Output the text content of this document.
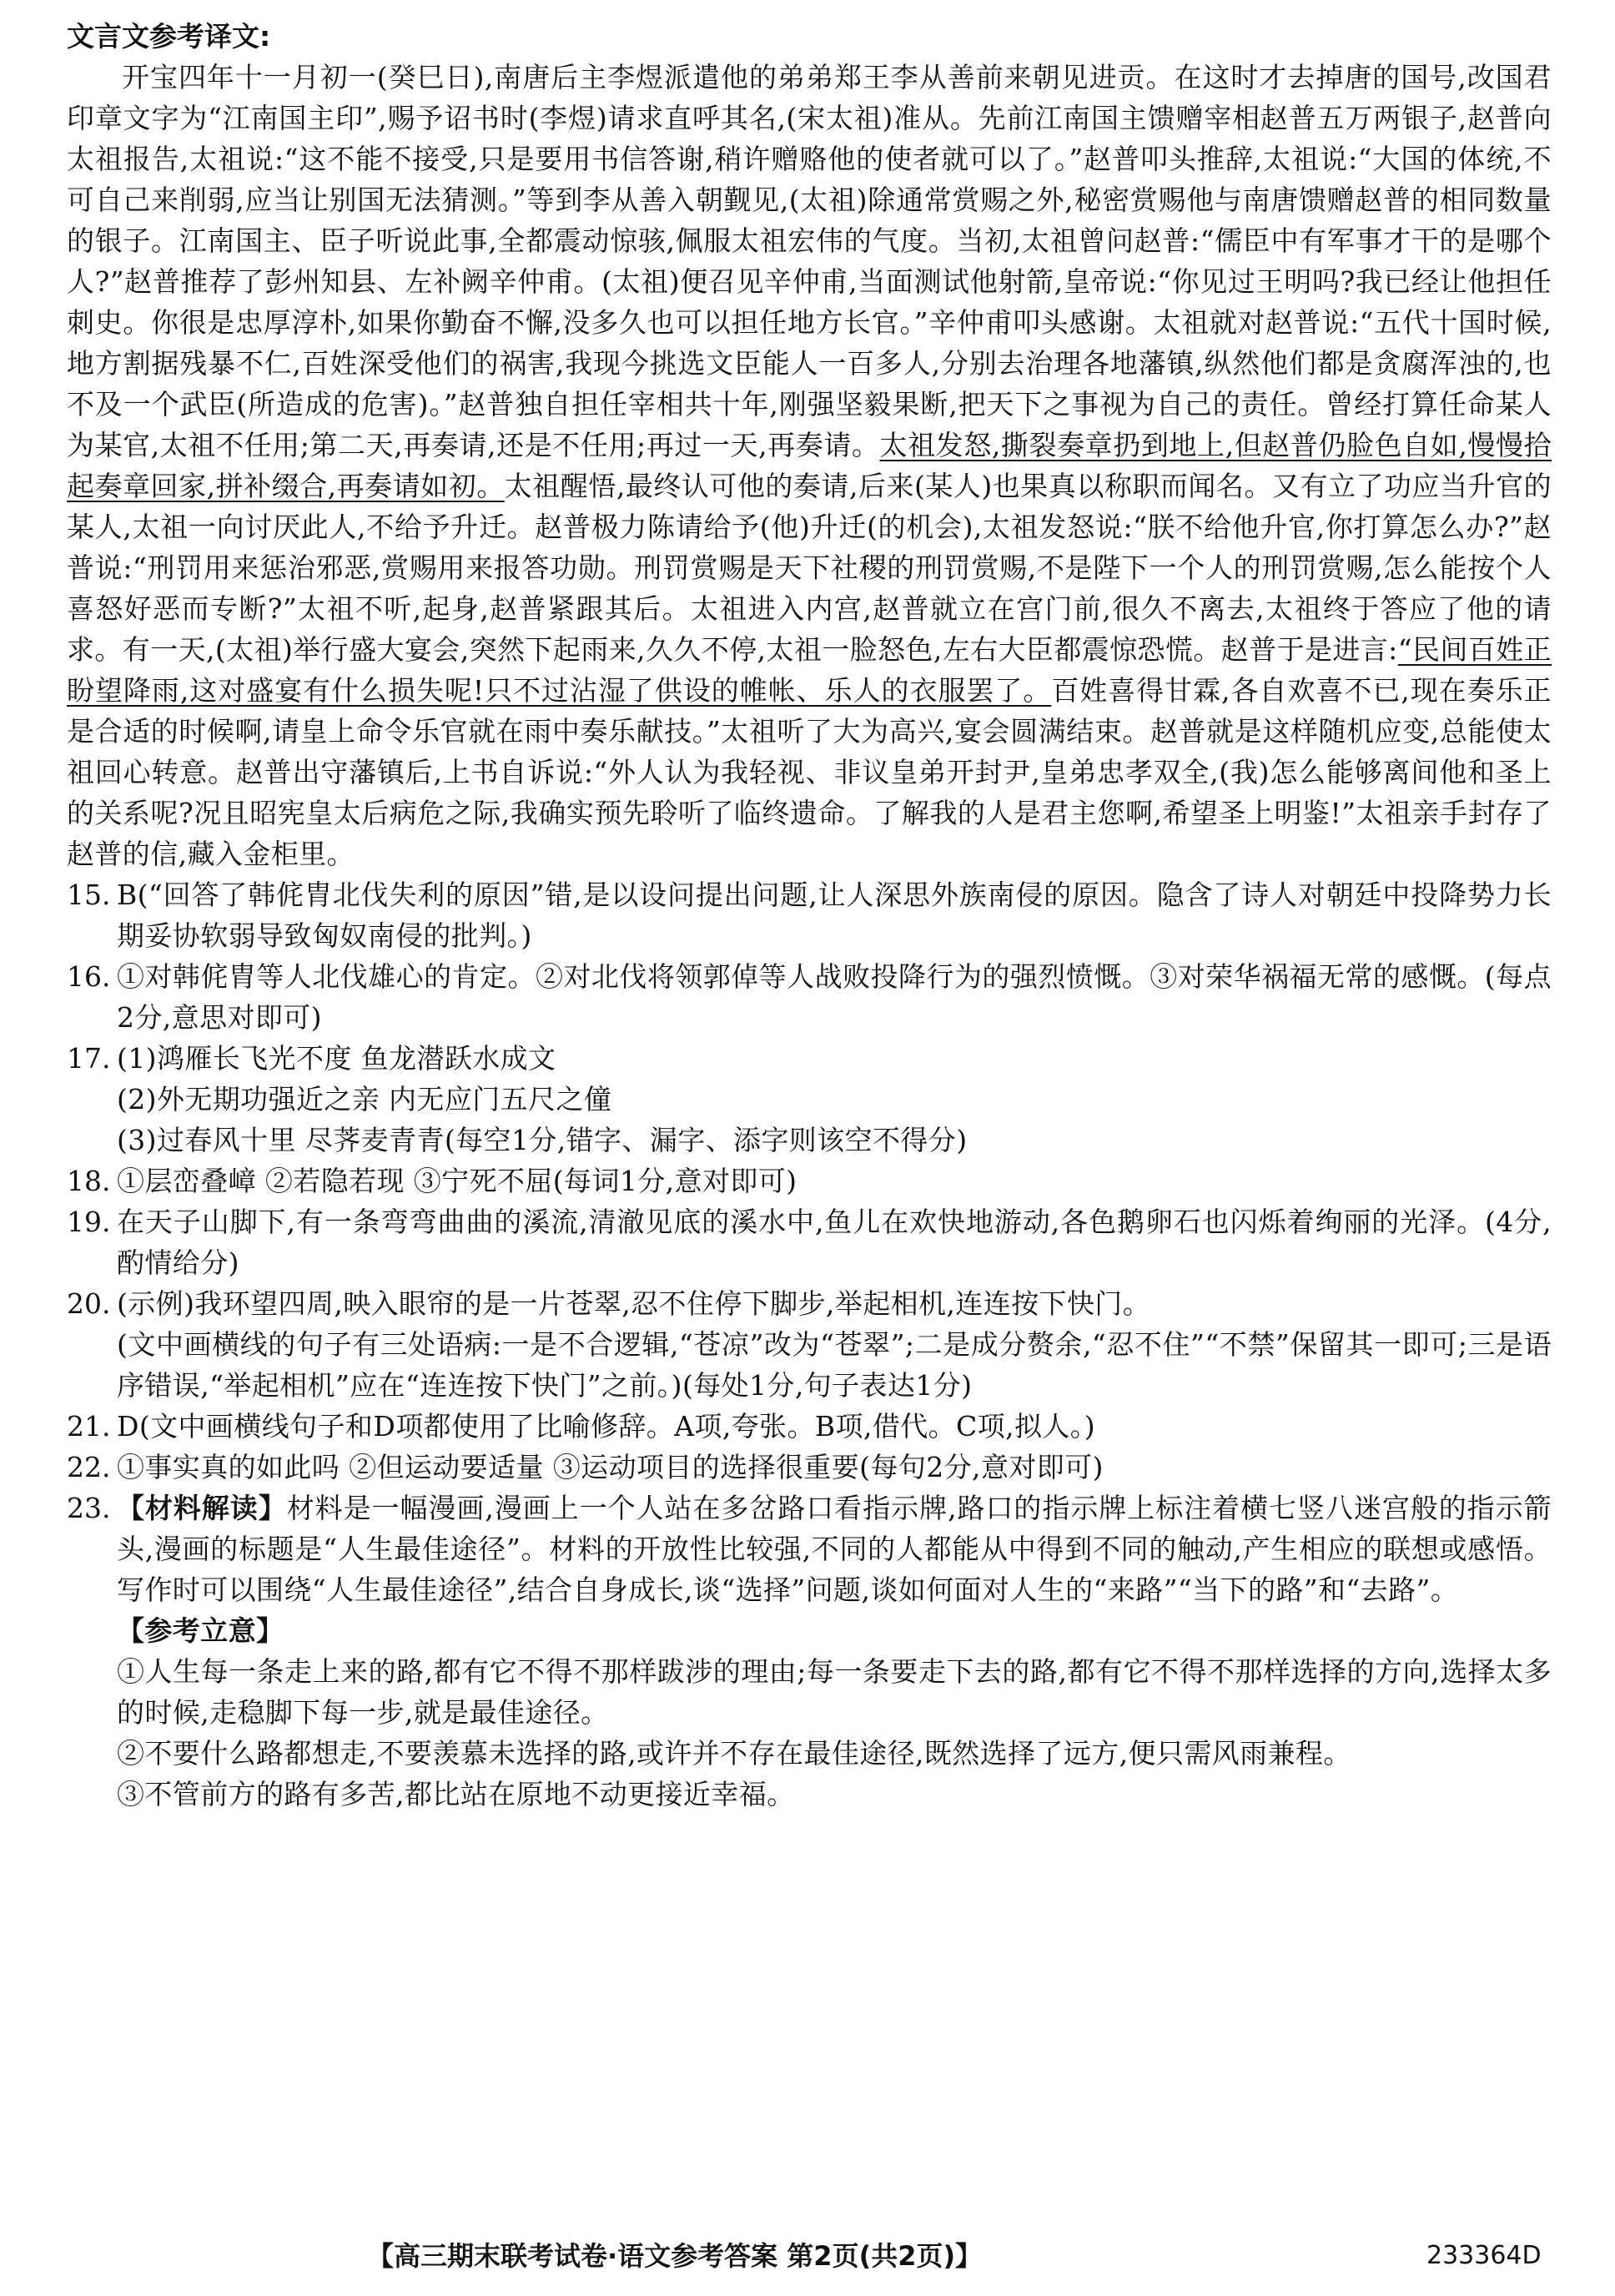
文言文参考译文:

开宝四年十一月初一(癸巳日),南唐后主李煜派遣他的弟弟郑王李从善前来朝见进贡。在这时才去掉唐的国号,改国君印章文字为“江南国主印”,赐予诏书时(李煜)请求直呼其名,(宋太祖)准从。先前江南国主馈赠宰相赵普五万两银子,赵普向太祖报告,太祖说:“这不能不接受,只是要用书信答谢,稍许赠赂他的使者就可以了。”赵普叩头推辞,太祖说:“大国的体统,不可自己来削弱,应当让别国无法猜测。”等到李从善入朝觐见,(太祖)除通常赏赐之外,秘密赏赐他与南唐馈赠赵普的相同数量的银子。江南国主、臣子听说此事,全都震动惊骇,佩服太祖宏伟的气度。当初,太祖曾问赵普:“儒臣中有军事才干的是哪个人?”赵普推荐了彭州知县、左补阙辛仲甫。(太祖)便召见辛仲甫,当面测试他射箭,皇帝说:“你见过王明吗?我已经让他担任刺史。你很是忠厚淳朴,如果你勤奋不懈,没多久也可以担任地方长官。”辛仲甫叩头感谢。太祖就对赵普说:“五代十国时候,地方割据残暴不仁,百姓深受他们的祸害,我现今挑选文臣能人一百多人,分别去治理各地藩镇,纵然他们都是贪腐浑浊的,也不及一个武臣(所造成的危害)。”赵普独自担任宰相共十年,刚强坚毅果断,把天下之事视为自己的责任。曾经打算任命某人为某官,太祖不任用;第二天,再奏请,还是不任用;再过一天,再奏请。太祖发怒,撕裂奏章扔到地上,但赵普仍脸色自如,慢慢拾起奏章回家,拼补缀合,再奏请如初。太祖醒悟,最终认可他的奏请,后来(某人)也果真以称职而闻名。又有立了功应当升官的某人,太祖一向讨厌此人,不给予升迁。赵普极力陈请给予(他)升迁(的机会),太祖发怒说:“朕不给他升官,你打算怎么办?”赵普说:“刑罚用来惩治邪恶,赏赐用来报答功勋。刑罚赏赐是天下社稷的刑罚赏赐,不是陛下一个人的刑罚赏赐,怎么能按个人喜怒好恶而专断?”太祖不听,起身,赵普紧跟其后。太祖进入内宫,赵普就立在宫门前,很久不离去,太祖终于答应了他的请求。有一天,(太祖)举行盛大宴会,突然下起雨来,久久不停,太祖一脸怒色,左右大臣都震惊恐慌。赵普于是进言:“民间百姓正盼望降雨,这对盛宴有什么损失呢!只不过沾湿了供设的帷帐、乐人的衣服罢了。百姓喜得甘霖,各自欢喜不已,现在奏乐正是合适的时候啊,请皇上命令乐官就在雨中奏乐献技。”太祖听了大为高兴,宴会圆满结束。赵普就是这样随机应变,总能使太祖回心转意。赵普出守藩镇后,上书自诉说:“外人认为我轻视、非议皇弟开封尹,皇弟忠孝双全,(我)怎么能够离间他和圣上的关系呢?况且昭宪皇太后病危之际,我确实预先聆听了临终遗命。了解我的人是君主您啊,希望圣上明鉴!”太祖亲手封存了赵普的信,藏入金柜里。

15. B(“回答了韩侂胄北伐失利的原因”错,是以设问提出问题,让人深思外族南侵的原因。隐含了诗人对朝廷中投降势力长期妥协软弱导致匈奴南侵的批判。)
16. ①对韩侂胄等人北伐雄心的肯定。②对北伐将领郭倬等人战败投降行为的强烈愤慨。③对荣华祸福无常的感慨。(每点2分,意思对即可)
17. (1)鸿雁长飞光不度 鱼龙潜跃水成文
(2)外无期功强近之亲 内无应门五尺之僮
(3)过春风十里 尽荠麦青青(每空1分,错字、漏字、添字则该空不得分)
18. ①层峦叠嶂 ②若隐若现 ③宁死不屈(每词1分,意对即可)
19. 在天子山脚下,有一条弯弯曲曲的溪流,清澈见底的溪水中,鱼儿在欢快地游动,各色鹅卵石也闪烁着绚丽的光泽。(4分,酌情给分)
20. (示例)我环望四周,映入眼帘的是一片苍翠,忍不住停下脚步,举起相机,连连按下快门。
(文中画横线的句子有三处语病:一是不合逻辑,“苍凉”改为“苍翠”;二是成分赘余,“忍不住”“不禁”保留其一即可;三是语序错误,“举起相机”应在“连连按下快门”之前。)(每处1分,句子表达1分)
21. D(文中画横线句子和D项都使用了比喻修辞。A项,夸张。B项,借代。C项,拟人。)
22. ①事实真的如此吗 ②但运动要适量 ③运动项目的选择很重要(每句2分,意对即可)
23. 【材料解读】材料是一幅漫画,漫画上一个人站在多岔路口看指示牌,路口的指示牌上标注着横七竖八迷宫般的指示箭头,漫画的标题是“人生最佳途径”。材料的开放性比较强,不同的人都能从中得到不同的触动,产生相应的联想或感悟。写作时可以围绕“人生最佳途径”,结合自身成长,谈“选择”问题,谈如何面对人生的“来路”“当下的路”和“去路”。
【参考立意】
①人生每一条走上来的路,都有它不得不那样跋涉的理由;每一条要走下去的路,都有它不得不那样选择的方向,选择太多的时候,走稳脚下每一步,就是最佳途径。
②不要什么路都想走,不要羡慕未选择的路,或许并不存在最佳途径,既然选择了远方,便只需风雨兼程。
③不管前方的路有多苦,都比站在原地不动更接近幸福。
【高三期末联考试卷·语文参考答案 第2页(共2页)】	233364D
